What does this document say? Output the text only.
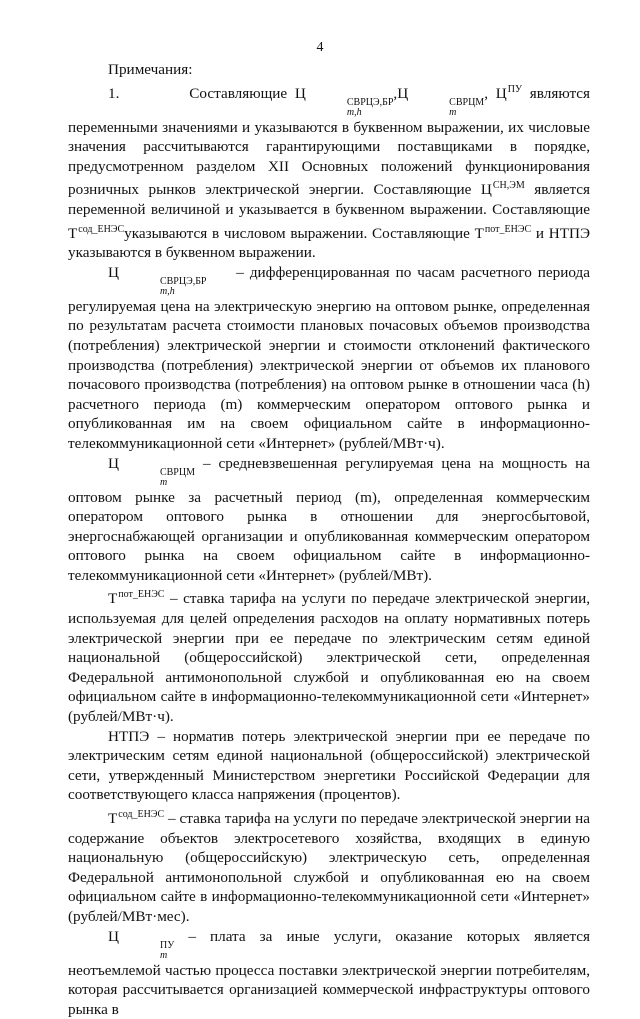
4

Примечания:

1.	Составляющие Ц
СВРЦЭ,БР
m,h
,Ц
СВРЦМ
m
, $Ц^{ПУ}$ являются переменными значениями и указываются в буквенном выражении, их числовые значения рассчитываются гарантирующими поставщиками в порядке, предусмотренном разделом XII Основных положений функционирования розничных рынков электрической энергии. Составляющие $Ц^{СН,ЭМ}$ является переменной величиной и указывается в буквенном выражении. Составляющие $Т^{сод\_ЕНЭС}указываются$ в числовом выражении. Составляющие $Т^{пот\_ЕНЭС}$ и НТПЭ указываются в буквенном выражении.

Ц
СВРЦЭ,БР
m,h
– дифференцированная по часам расчетного периода регулируемая цена на электрическую энергию на оптовом рынке, определенная по результатам расчета стоимости плановых почасовых объемов производства (потребления) электрической энергии и стоимости отклонений фактического производства (потребления) электрической энергии от объемов их планового почасового производства (потребления) на оптовом рынке в отношении часа (h) расчетного периода (m) коммерческим оператором оптового рынка и опубликованная им на своем официальном сайте в информационно-телекоммуникационной сети «Интернет» (рублей/МВт·ч).

Ц
СВРЦМ
m
– средневзвешенная регулируемая цена на мощность на оптовом рынке за расчетный период (m), определенная коммерческим оператором оптового рынка в отношении для энергосбытовой, энергоснабжающей организации и опубликованная коммерческим оператором оптового рынка на своем официальном сайте в информационно-телекоммуникационной сети «Интернет» (рублей/МВт).

$Т^{пот\_ЕНЭС}$ – ставка тарифа на услуги по передаче электрической энергии, используемая для целей определения расходов на оплату нормативных потерь электрической энергии при ее передаче по электрическим сетям единой национальной (общероссийской) электрической сети, определенная Федеральной антимонопольной службой и опубликованная ею на своем официальном сайте в информационно-телекоммуникационной сети «Интернет» (рублей/МВт·ч).

НТПЭ – норматив потерь электрической энергии при ее передаче по электрическим сетям единой национальной (общероссийской) электрической сети, утвержденный Министерством энергетики Российской Федерации для соответствующего класса напряжения (процентов).

$Т^{сод\_ЕНЭС}$ – ставка тарифа на услуги по передаче электрической энергии на содержание объектов электросетевого хозяйства, входящих в единую национальную (общероссийскую) электрическую сеть, определенная Федеральной антимонопольной службой и опубликованная ею на своем официальном сайте в информационно-телекоммуникационной сети «Интернет» (рублей/МВт·мес).

Ц
ПУ
m
– плата за иные услуги, оказание которых является неотъемлемой частью процесса поставки электрической энергии потребителям, которая рассчитывается организацией коммерческой инфраструктуры оптового рынка в
